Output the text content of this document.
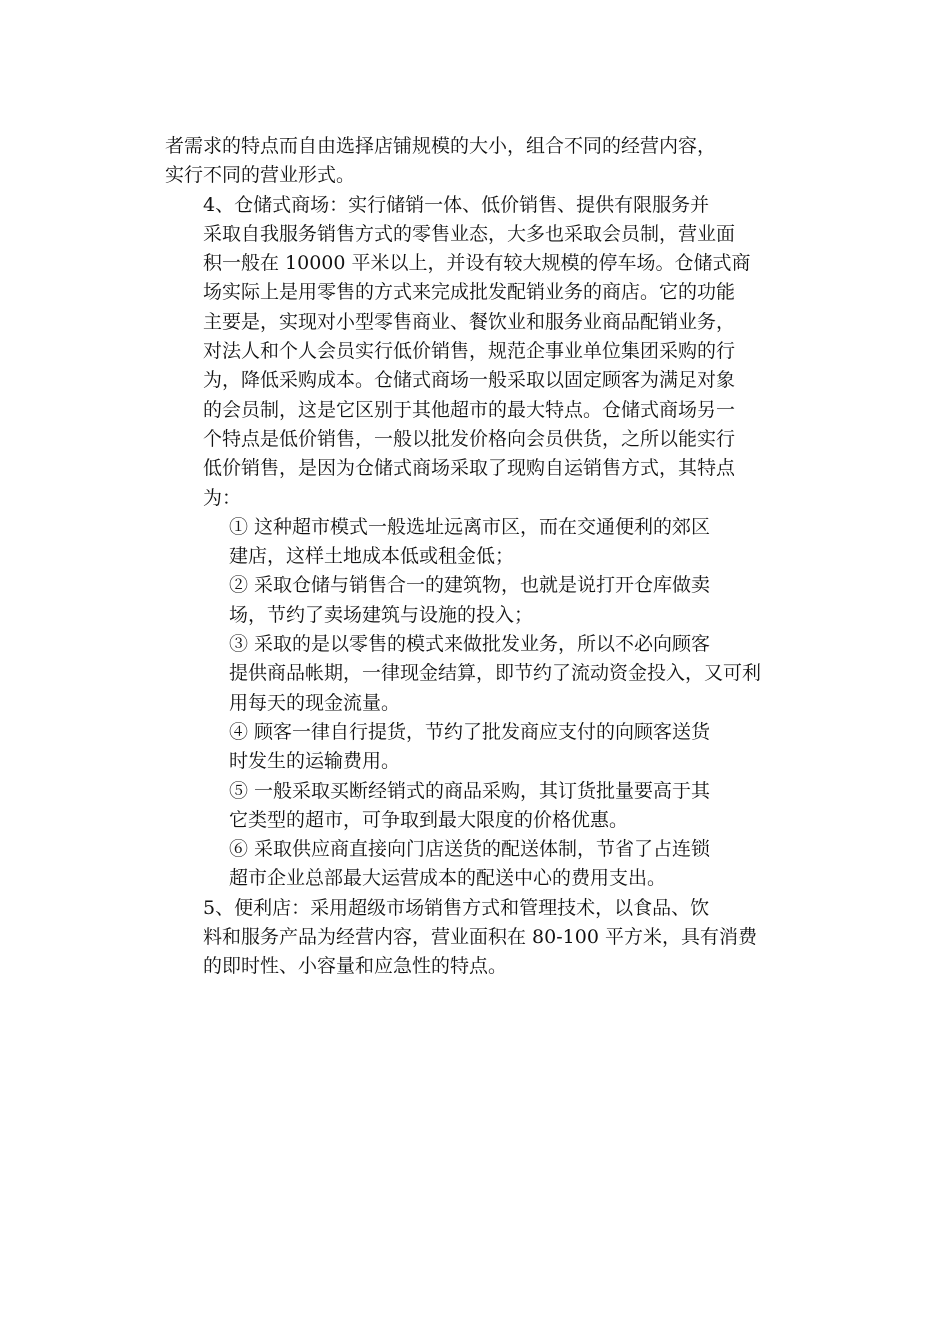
者需求的特点而自由选择店铺规模的大小，组合不同的经营内容，
实行不同的营业形式。

4、仓储式商场：实行储销一体、低价销售、提供有限服务并
采取自我服务销售方式的零售业态，大多也采取会员制，营业面
积一般在 10000 平米以上，并设有较大规模的停车场。仓储式商
场实际上是用零售的方式来完成批发配销业务的商店。它的功能
主要是，实现对小型零售商业、餐饮业和服务业商品配销业务，
对法人和个人会员实行低价销售，规范企事业单位集团采购的行
为，降低采购成本。仓储式商场一般采取以固定顾客为满足对象
的会员制，这是它区别于其他超市的最大特点。仓储式商场另一
个特点是低价销售，一般以批发价格向会员供货，之所以能实行
低价销售，是因为仓储式商场采取了现购自运销售方式，其特点
为：

① 这种超市模式一般选址远离市区，而在交通便利的郊区
建店，这样土地成本低或租金低；

② 采取仓储与销售合一的建筑物，也就是说打开仓库做卖
场，节约了卖场建筑与设施的投入；

③ 采取的是以零售的模式来做批发业务，所以不必向顾客
提供商品帐期，一律现金结算，即节约了流动资金投入，又可利
用每天的现金流量。

④ 顾客一律自行提货，节约了批发商应支付的向顾客送货
时发生的运输费用。

⑤ 一般采取买断经销式的商品采购，其订货批量要高于其
它类型的超市，可争取到最大限度的价格优惠。

⑥ 采取供应商直接向门店送货的配送体制，节省了占连锁
超市企业总部最大运营成本的配送中心的费用支出。

5、便利店：采用超级市场销售方式和管理技术，以食品、饮
料和服务产品为经营内容，营业面积在 80-100 平方米，具有消费
的即时性、小容量和应急性的特点。
